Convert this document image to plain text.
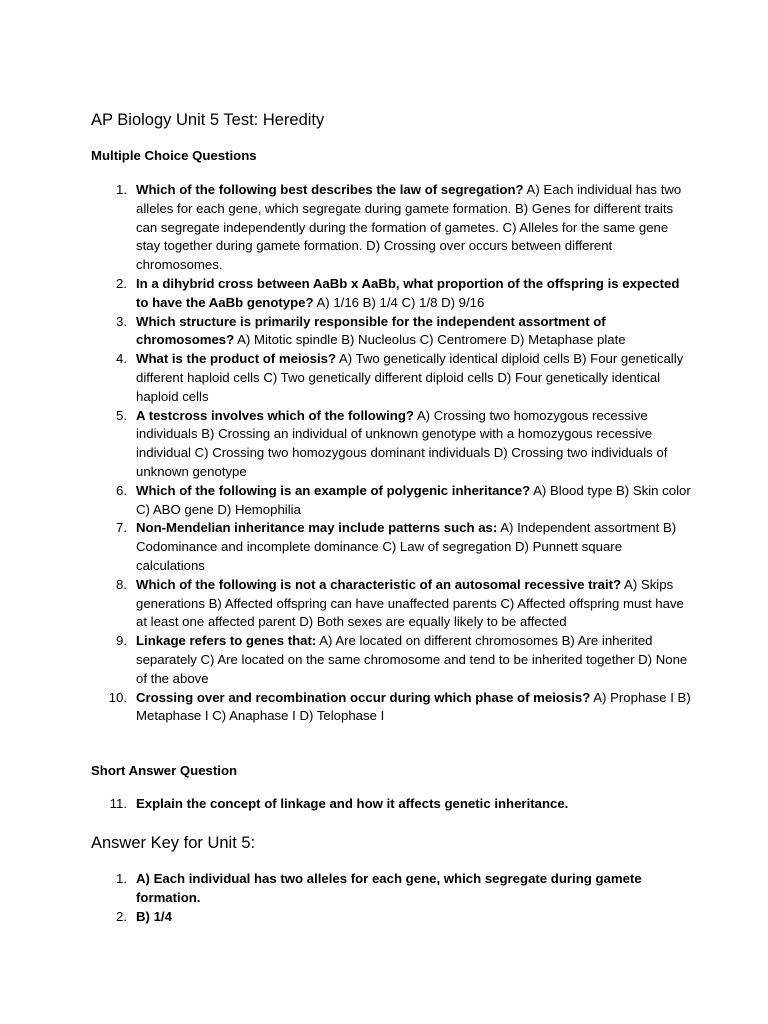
AP Biology Unit 5 Test: Heredity
Multiple Choice Questions
1. Which of the following best describes the law of segregation? A) Each individual has two alleles for each gene, which segregate during gamete formation. B) Genes for different traits can segregate independently during the formation of gametes. C) Alleles for the same gene stay together during gamete formation. D) Crossing over occurs between different chromosomes.
2. In a dihybrid cross between AaBb x AaBb, what proportion of the offspring is expected to have the AaBb genotype? A) 1/16 B) 1/4 C) 1/8 D) 9/16
3. Which structure is primarily responsible for the independent assortment of chromosomes? A) Mitotic spindle B) Nucleolus C) Centromere D) Metaphase plate
4. What is the product of meiosis? A) Two genetically identical diploid cells B) Four genetically different haploid cells C) Two genetically different diploid cells D) Four genetically identical haploid cells
5. A testcross involves which of the following? A) Crossing two homozygous recessive individuals B) Crossing an individual of unknown genotype with a homozygous recessive individual C) Crossing two homozygous dominant individuals D) Crossing two individuals of unknown genotype
6. Which of the following is an example of polygenic inheritance? A) Blood type B) Skin color C) ABO gene D) Hemophilia
7. Non-Mendelian inheritance may include patterns such as: A) Independent assortment B) Codominance and incomplete dominance C) Law of segregation D) Punnett square calculations
8. Which of the following is not a characteristic of an autosomal recessive trait? A) Skips generations B) Affected offspring can have unaffected parents C) Affected offspring must have at least one affected parent D) Both sexes are equally likely to be affected
9. Linkage refers to genes that: A) Are located on different chromosomes B) Are inherited separately C) Are located on the same chromosome and tend to be inherited together D) None of the above
10. Crossing over and recombination occur during which phase of meiosis? A) Prophase I B) Metaphase I C) Anaphase I D) Telophase I
Short Answer Question
11. Explain the concept of linkage and how it affects genetic inheritance.
Answer Key for Unit 5:
1. A) Each individual has two alleles for each gene, which segregate during gamete formation.
2. B) 1/4
